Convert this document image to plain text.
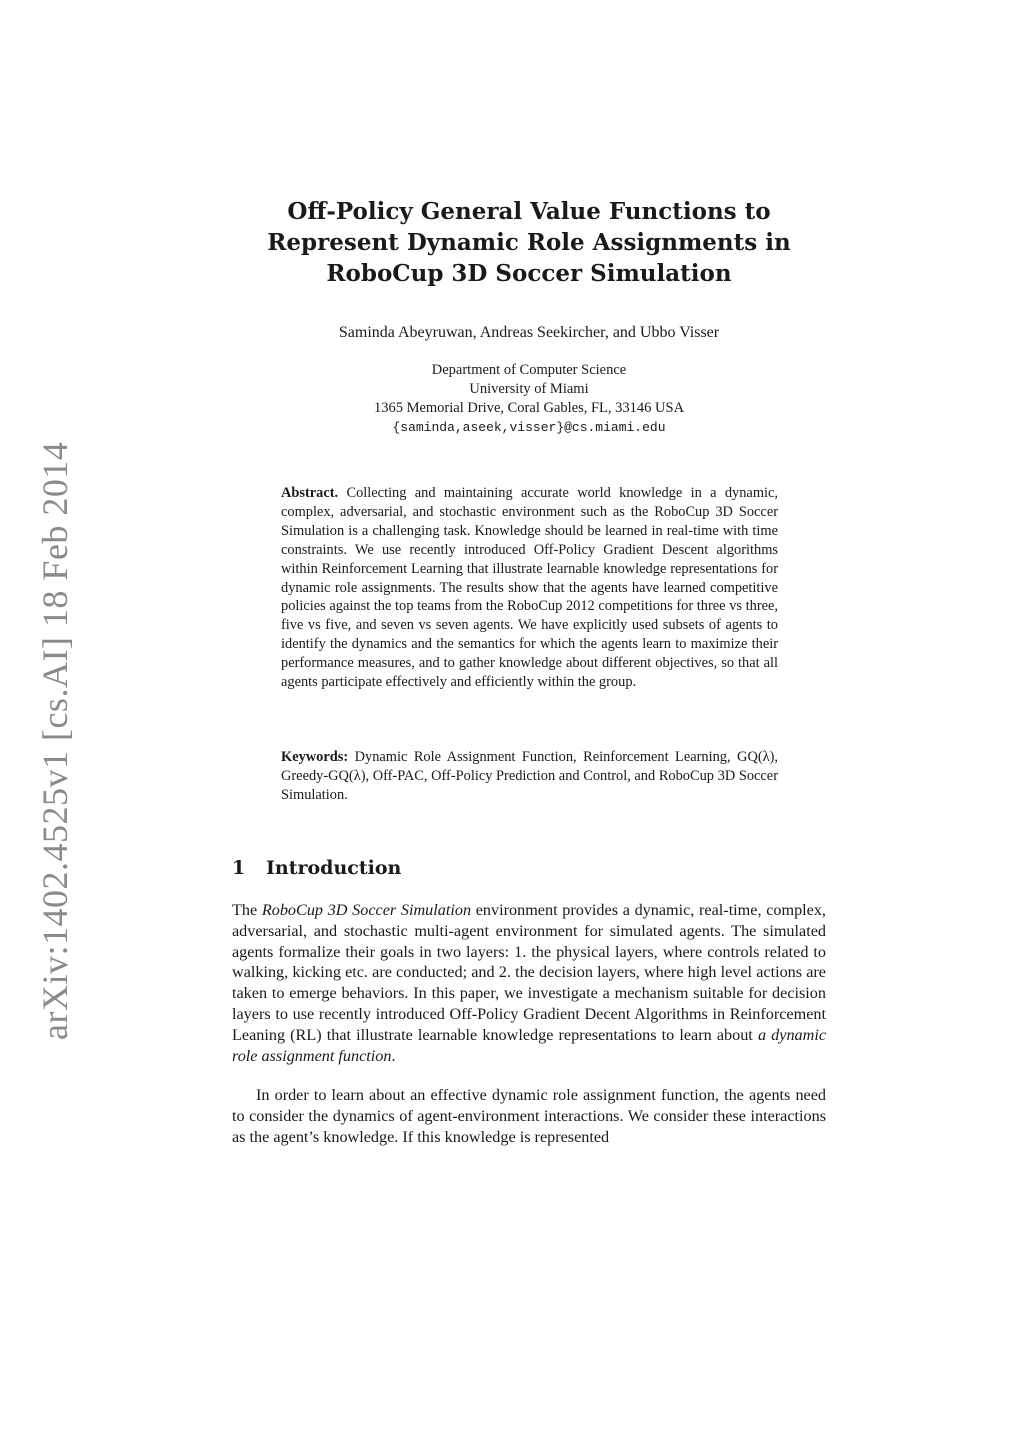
arXiv:1402.4525v1 [cs.AI] 18 Feb 2014
Off-Policy General Value Functions to Represent Dynamic Role Assignments in RoboCup 3D Soccer Simulation

Saminda Abeyruwan, Andreas Seekircher, and Ubbo Visser

Department of Computer Science
University of Miami
1365 Memorial Drive, Coral Gables, FL, 33146 USA
{saminda,aseek,visser}@cs.miami.edu

Abstract. Collecting and maintaining accurate world knowledge in a dynamic, complex, adversarial, and stochastic environment such as the RoboCup 3D Soccer Simulation is a challenging task. Knowledge should be learned in real-time with time constraints. We use recently introduced Off-Policy Gradient Descent algorithms within Reinforcement Learning that illustrate learnable knowledge representations for dynamic role assignments. The results show that the agents have learned competitive policies against the top teams from the RoboCup 2012 competitions for three vs three, five vs five, and seven vs seven agents. We have explicitly used subsets of agents to identify the dynamics and the semantics for which the agents learn to maximize their performance measures, and to gather knowledge about different objectives, so that all agents participate effectively and efficiently within the group.

Keywords: Dynamic Role Assignment Function, Reinforcement Learning, GQ(λ), Greedy-GQ(λ), Off-PAC, Off-Policy Prediction and Control, and RoboCup 3D Soccer Simulation.

1 Introduction

The RoboCup 3D Soccer Simulation environment provides a dynamic, real-time, complex, adversarial, and stochastic multi-agent environment for simulated agents. The simulated agents formalize their goals in two layers: 1. the physical layers, where controls related to walking, kicking etc. are conducted; and 2. the decision layers, where high level actions are taken to emerge behaviors. In this paper, we investigate a mechanism suitable for decision layers to use recently introduced Off-Policy Gradient Decent Algorithms in Reinforcement Leaning (RL) that illustrate learnable knowledge representations to learn about a dynamic role assignment function.

In order to learn about an effective dynamic role assignment function, the agents need to consider the dynamics of agent-environment interactions. We consider these interactions as the agent’s knowledge. If this knowledge is represented
